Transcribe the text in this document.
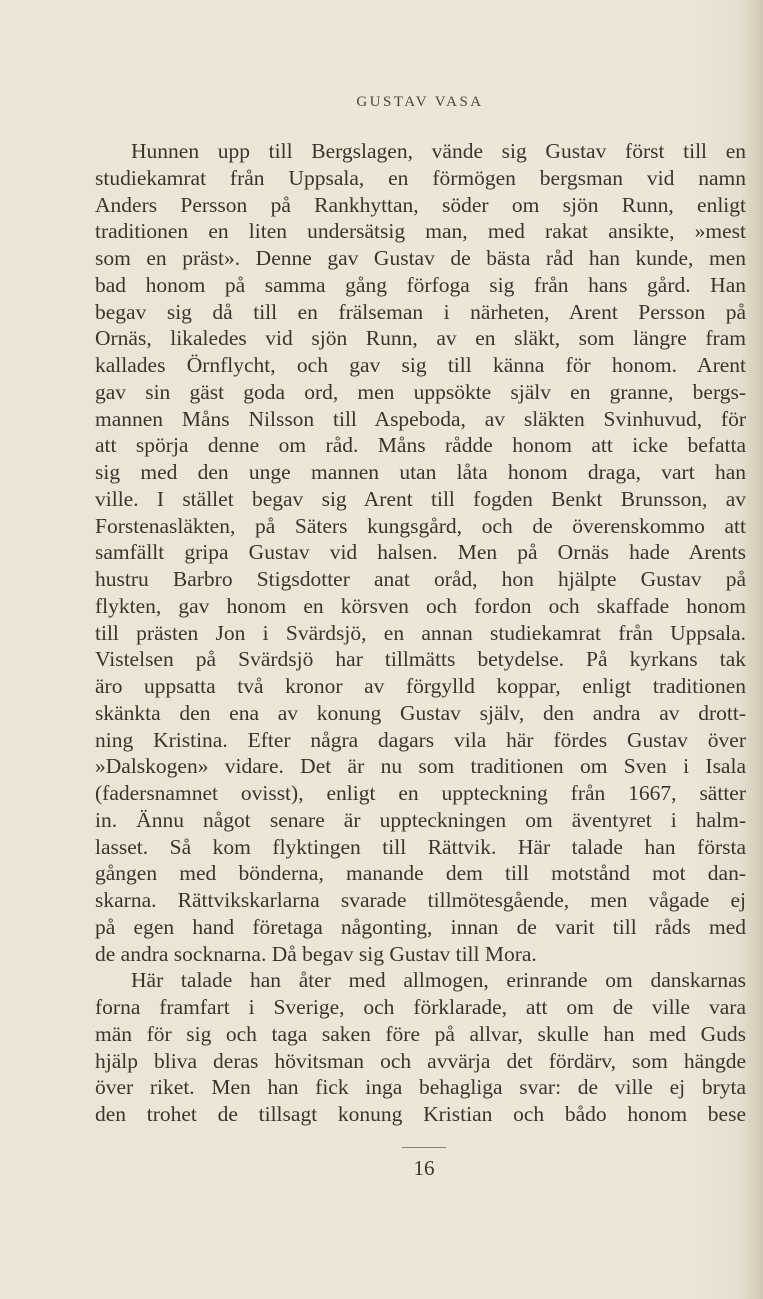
GUSTAV VASA
Hunnen upp till Bergslagen, vände sig Gustav först till en
studiekamrat från Uppsala, en förmögen bergsman vid namn
Anders Persson på Rankhyttan, söder om sjön Runn, enligt
traditionen en liten undersätsig man, med rakat ansikte, »mest
som en präst». Denne gav Gustav de bästa råd han kunde, men
bad honom på samma gång förfoga sig från hans gård. Han
begav sig då till en frälseman i närheten, Arent Persson på
Ornäs, likaledes vid sjön Runn, av en släkt, som längre fram
kallades Örnflycht, och gav sig till känna för honom. Arent
gav sin gäst goda ord, men uppsökte själv en granne, bergs-
mannen Måns Nilsson till Aspeboda, av släkten Svinhuvud, för
att spörja denne om råd. Måns rådde honom att icke befatta
sig med den unge mannen utan låta honom draga, vart han
ville. I stället begav sig Arent till fogden Benkt Brunsson, av
Forstenasläkten, på Säters kungsgård, och de överenskommo att
samfällt gripa Gustav vid halsen. Men på Ornäs hade Arents
hustru Barbro Stigsdotter anat oråd, hon hjälpte Gustav på
flykten, gav honom en körsven och fordon och skaffade honom
till prästen Jon i Svärdsjö, en annan studiekamrat från Uppsala.
Vistelsen på Svärdsjö har tillmätts betydelse. På kyrkans tak
äro uppsatta två kronor av förgylld koppar, enligt traditionen
skänkta den ena av konung Gustav själv, den andra av drott-
ning Kristina. Efter några dagars vila här fördes Gustav över
»Dalskogen» vidare. Det är nu som traditionen om Sven i Isala
(fadersnamnet ovisst), enligt en uppteckning från 1667, sätter
in. Ännu något senare är uppteckningen om äventyret i halm-
lasset. Så kom flyktingen till Rättvik. Här talade han första
gången med bönderna, manande dem till motstånd mot dan-
skarna. Rättvikskarlarna svarade tillmötesgående, men vågade ej
på egen hand företaga någonting, innan de varit till råds med
de andra socknarna. Då begav sig Gustav till Mora.
Här talade han åter med allmogen, erinrande om danskarnas
forna framfart i Sverige, och förklarade, att om de ville vara
män för sig och taga saken före på allvar, skulle han med Guds
hjälp bliva deras hövitsman och avvärja det fördärv, som hängde
över riket. Men han fick inga behagliga svar: de ville ej bryta
den trohet de tillsagt konung Kristian och bådo honom bese
16
